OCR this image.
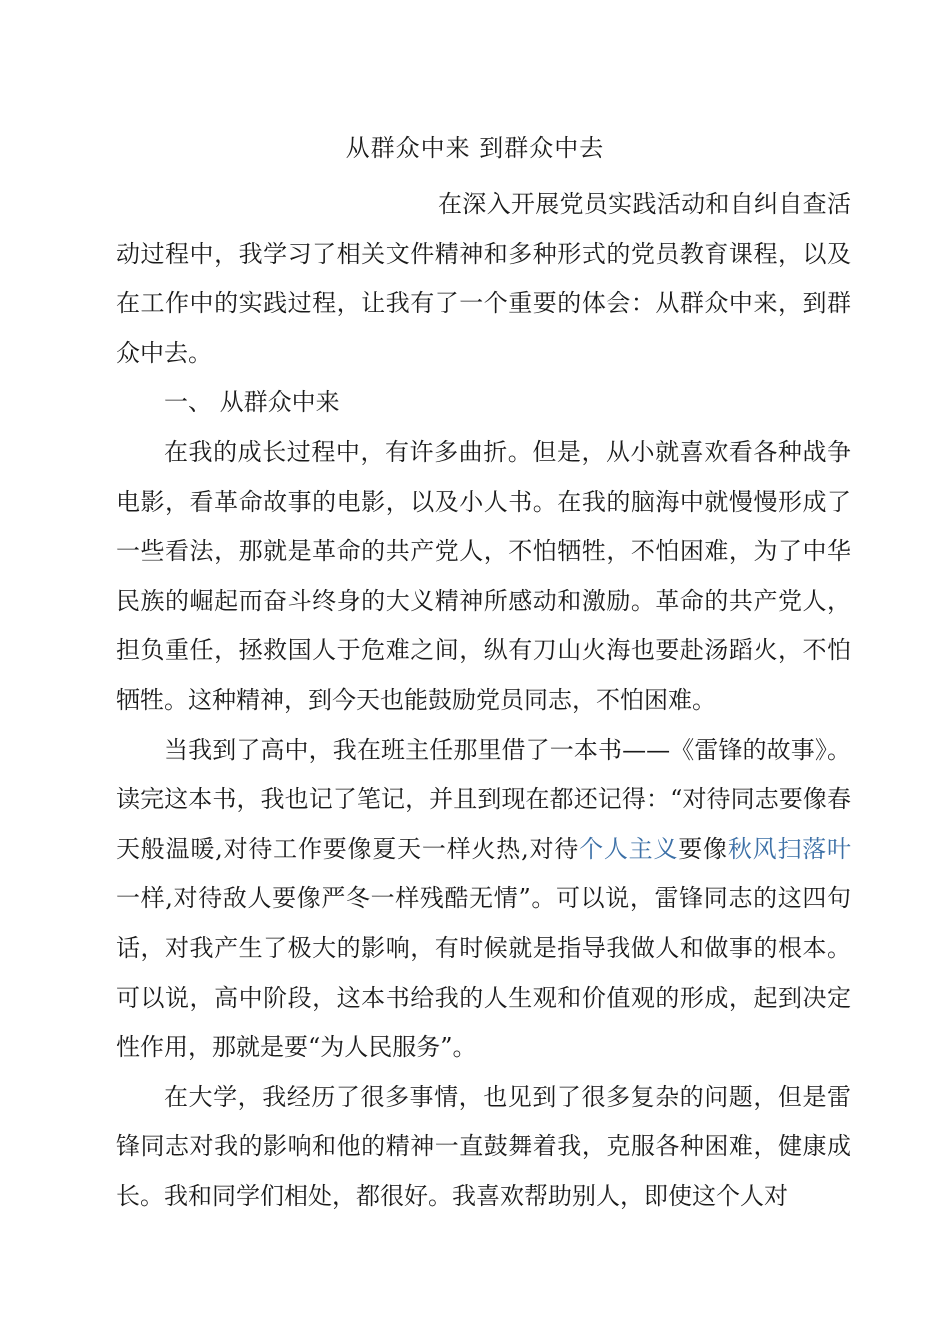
从群众中来 到群众中去

在深入开展党员实践活动和自纠自查活动过程中，我学习了相关文件精神和多种形式的党员教育课程，以及在工作中的实践过程，让我有了一个重要的体会：从群众中来，到群众中去。

一、 从群众中来

在我的成长过程中，有许多曲折。但是，从小就喜欢看各种战争电影，看革命故事的电影，以及小人书。在我的脑海中就慢慢形成了一些看法，那就是革命的共产党人，不怕牺牲，不怕困难，为了中华民族的崛起而奋斗终身的大义精神所感动和激励。革命的共产党人，担负重任，拯救国人于危难之间，纵有刀山火海也要赴汤蹈火，不怕牺牲。这种精神，到今天也能鼓励党员同志，不怕困难。

当我到了高中，我在班主任那里借了一本书——《雷锋的故事》。读完这本书，我也记了笔记，并且到现在都还记得：“对待同志要像春天般温暖,对待工作要像夏天一样火热,对待个人主义要像秋风扫落叶一样,对待敌人要像严冬一样残酷无情”。可以说，雷锋同志的这四句话，对我产生了极大的影响，有时候就是指导我做人和做事的根本。可以说，高中阶段，这本书给我的人生观和价值观的形成，起到决定性作用，那就是要“为人民服务”。

在大学，我经历了很多事情，也见到了很多复杂的问题，但是雷锋同志对我的影响和他的精神一直鼓舞着我，克服各种困难，健康成长。我和同学们相处，都很好。我喜欢帮助别人，即使这个人对
